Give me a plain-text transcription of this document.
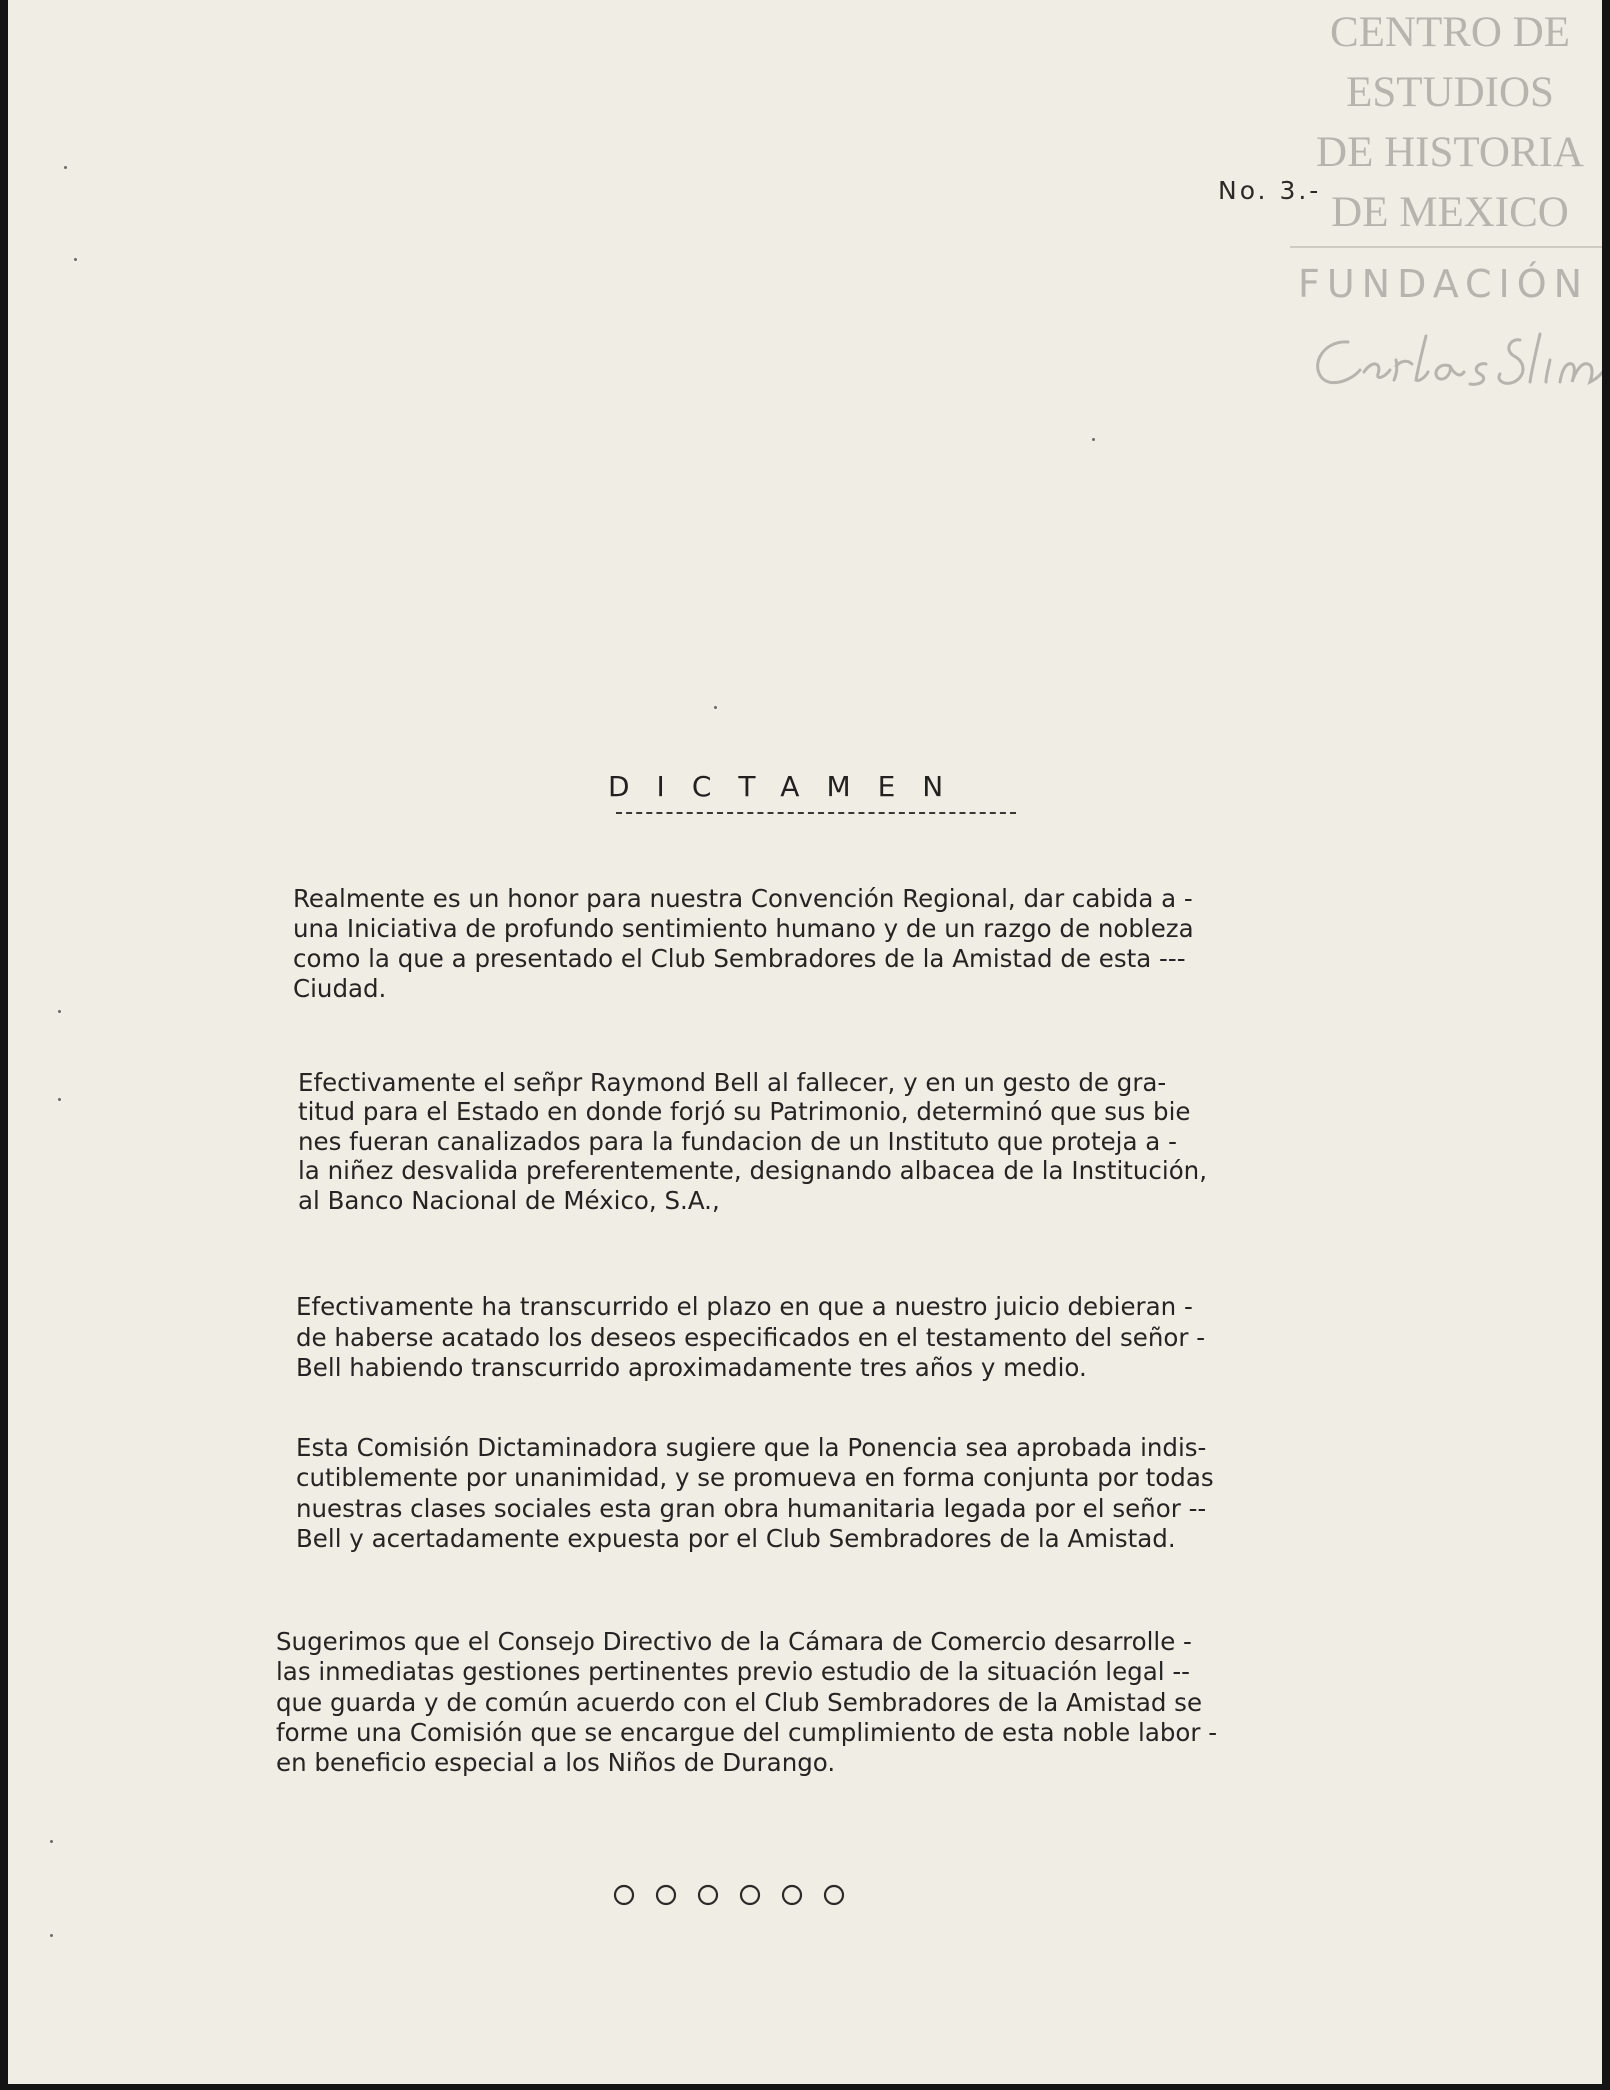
CENTRO DE
ESTUDIOS
DE HISTORIA
DE MEXICO
FUNDACIÓN
No. 3.-
DICTAMEN
Realmente es un honor para nuestra Convención Regional, dar cabida a -
una Iniciativa de profundo sentimiento humano y de un razgo de nobleza
como la que a presentado el Club Sembradores de la Amistad de esta ---
Ciudad.
Efectivamente el señpr Raymond Bell al fallecer, y en un gesto de gra-
titud para el Estado en donde forjó su Patrimonio, determinó que sus bie
nes fueran canalizados para la fundacion de un Instituto que proteja a -
la niñez desvalida preferentemente, designando albacea de la Institución,
al Banco Nacional de México, S.A.,
Efectivamente ha transcurrido el plazo en que a nuestro juicio debieran -
de haberse acatado los deseos especificados en el testamento del señor -
Bell habiendo transcurrido aproximadamente tres años y medio.
Esta Comisión Dictaminadora sugiere que la Ponencia sea aprobada indis-
cutiblemente por unanimidad, y se promueva en forma conjunta por todas
nuestras clases sociales esta gran obra humanitaria legada por el señor --
Bell y acertadamente expuesta por el Club Sembradores de la Amistad.
Sugerimos que el Consejo Directivo de la Cámara de Comercio desarrolle -
las inmediatas gestiones pertinentes previo estudio de la situación legal --
que guarda y de común acuerdo con el Club Sembradores de la Amistad se
forme una Comisión que se encargue del cumplimiento de esta noble labor -
en beneficio especial a los Niños de Durango.
